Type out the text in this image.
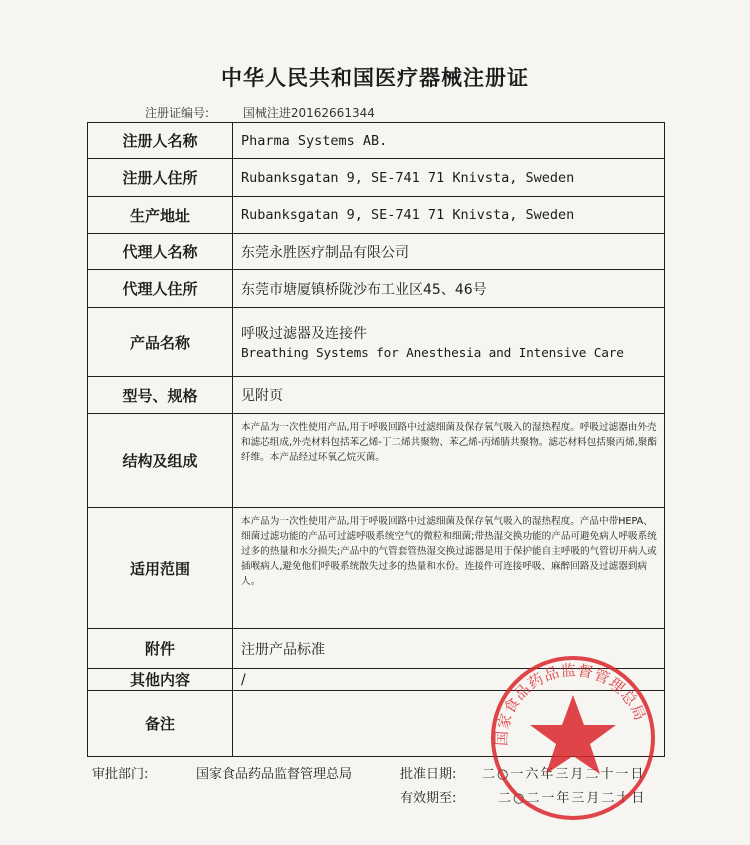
中华人民共和国医疗器械注册证
注册证编号:	国械注进20162661344
注册人名称	Pharma Systems AB.
注册人住所	Rubanksgatan 9, SE-741 71 Knivsta, Sweden
生产地址	Rubanksgatan 9, SE-741 71 Knivsta, Sweden
代理人名称	东莞永胜医疗制品有限公司
代理人住所	东莞市塘厦镇桥陇沙布工业区45、46号
产品名称	呼吸过滤器及连接件
Breathing Systems for Anesthesia and Intensive Care

型号、规格	见附页
结构及组成	本产品为一次性使用产品,用于呼吸回路中过滤细菌及保存氧气吸入的湿热程度。呼吸过滤器由外壳和滤芯组成,外壳材料包括苯乙烯-丁二烯共聚物、苯乙烯-丙烯腈共聚物。滤芯材料包括聚丙烯,聚酯纤维。本产品经过环氧乙烷灭菌。

适用范围	本产品为一次性使用产品,用于呼吸回路中过滤细菌及保存氧气吸入的湿热程度。产品中带HEPA、细菌过滤功能的产品可过滤呼吸系统空气的微粒和细菌;带热湿交换功能的产品可避免病人呼吸系统过多的热量和水分损失;产品中的气管套管热湿交换过滤器是用于保护能自主呼吸的气管切开病人或插喉病人,避免他们呼吸系统散失过多的热量和水份。连接件可连接呼吸、麻醉回路及过滤器到病人。

附件	注册产品标准
其他内容	/
备注	
审批部门:	国家食品药品监督管理总局	批准日期: 二○一六年三月二十一日
有效期至:	二○二一年三月二十日
国家食品药品监督管理总局
